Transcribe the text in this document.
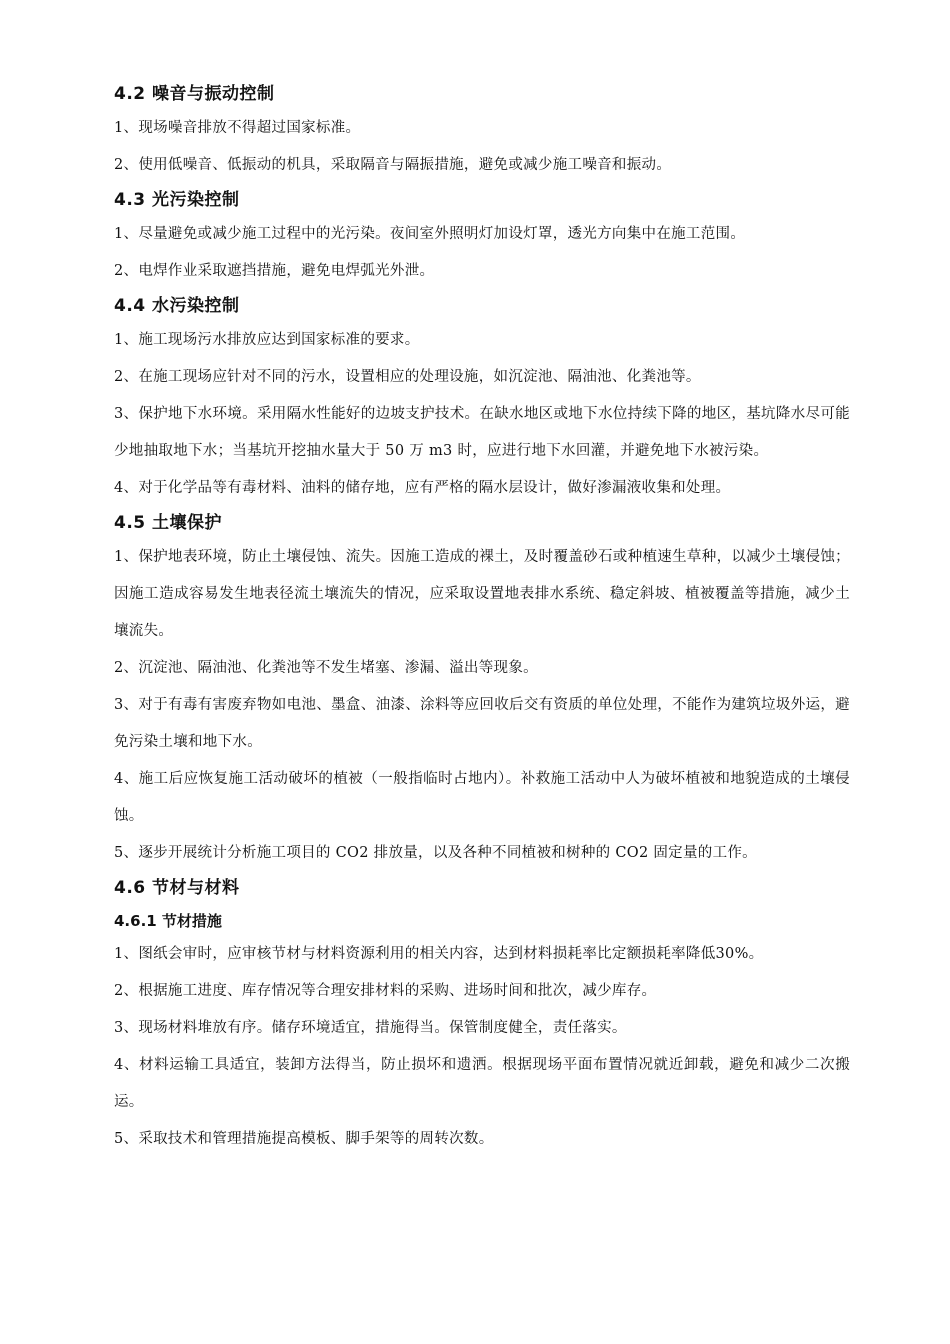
4.2 噪音与振动控制
1、现场噪音排放不得超过国家标准。
2、使用低噪音、低振动的机具，采取隔音与隔振措施，避免或减少施工噪音和振动。
4.3 光污染控制
1、尽量避免或减少施工过程中的光污染。夜间室外照明灯加设灯罩，透光方向集中在施工范围。
2、电焊作业采取遮挡措施，避免电焊弧光外泄。
4.4 水污染控制
1、施工现场污水排放应达到国家标准的要求。
2、在施工现场应针对不同的污水，设置相应的处理设施，如沉淀池、隔油池、化粪池等。
3、保护地下水环境。采用隔水性能好的边坡支护技术。在缺水地区或地下水位持续下降的地区，基坑降水尽可能少地抽取地下水；当基坑开挖抽水量大于 50 万 m3 时，应进行地下水回灌，并避免地下水被污染。
4、对于化学品等有毒材料、油料的储存地，应有严格的隔水层设计，做好渗漏液收集和处理。
4.5 土壤保护
1、保护地表环境，防止土壤侵蚀、流失。因施工造成的裸土，及时覆盖砂石或种植速生草种，以减少土壤侵蚀；因施工造成容易发生地表径流土壤流失的情况，应采取设置地表排水系统、稳定斜坡、植被覆盖等措施，减少土壤流失。
2、沉淀池、隔油池、化粪池等不发生堵塞、渗漏、溢出等现象。
3、对于有毒有害废弃物如电池、墨盒、油漆、涂料等应回收后交有资质的单位处理，不能作为建筑垃圾外运，避免污染土壤和地下水。
4、施工后应恢复施工活动破坏的植被（一般指临时占地内）。补救施工活动中人为破坏植被和地貌造成的土壤侵蚀。
5、逐步开展统计分析施工项目的 CO2 排放量，以及各种不同植被和树种的 CO2 固定量的工作。
4.6 节材与材料
4.6.1 节材措施
1、图纸会审时，应审核节材与材料资源利用的相关内容，达到材料损耗率比定额损耗率降低30%。
2、根据施工进度、库存情况等合理安排材料的采购、进场时间和批次，减少库存。
3、现场材料堆放有序。储存环境适宜，措施得当。保管制度健全，责任落实。
4、材料运输工具适宜，装卸方法得当，防止损坏和遗洒。根据现场平面布置情况就近卸载，避免和减少二次搬运。
5、采取技术和管理措施提高模板、脚手架等的周转次数。
